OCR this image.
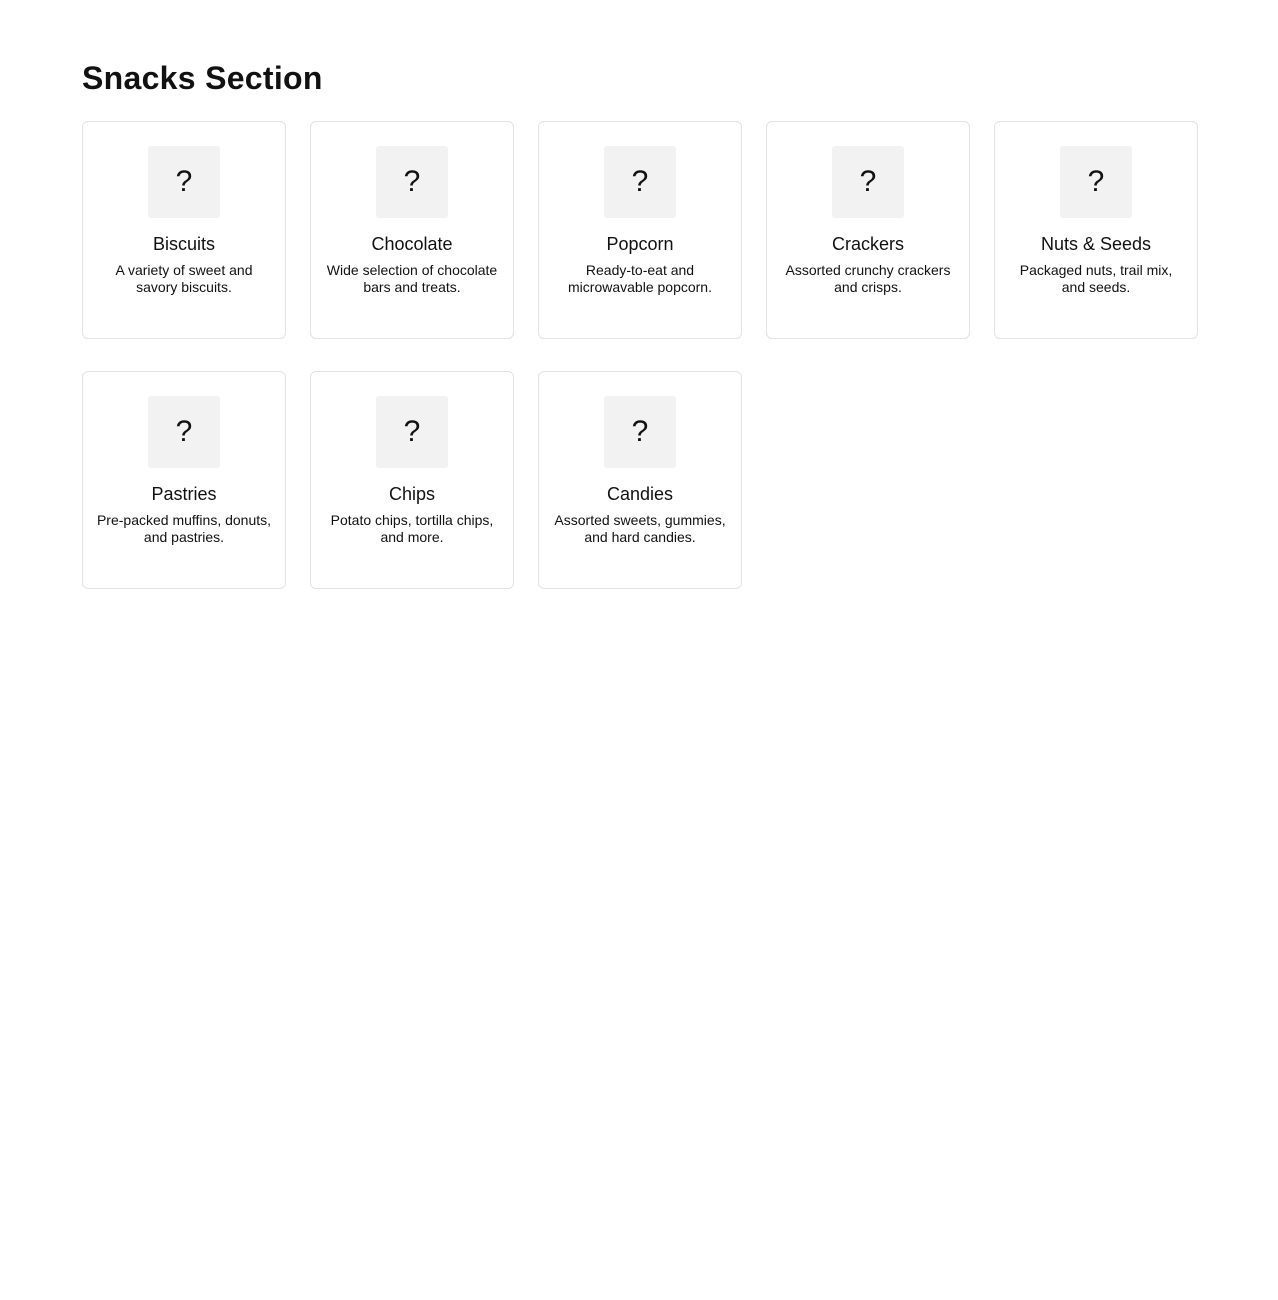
Snacks Section
?
Biscuits
A variety of sweet and savory biscuits.
?
Chocolate
Wide selection of chocolate bars and treats.
?
Popcorn
Ready-to-eat and microwavable popcorn.
?
Crackers
Assorted crunchy crackers and crisps.
?
Nuts & Seeds
Packaged nuts, trail mix, and seeds.
?
Pastries
Pre-packed muffins, donuts, and pastries.
?
Chips
Potato chips, tortilla chips, and more.
?
Candies
Assorted sweets, gummies, and hard candies.
